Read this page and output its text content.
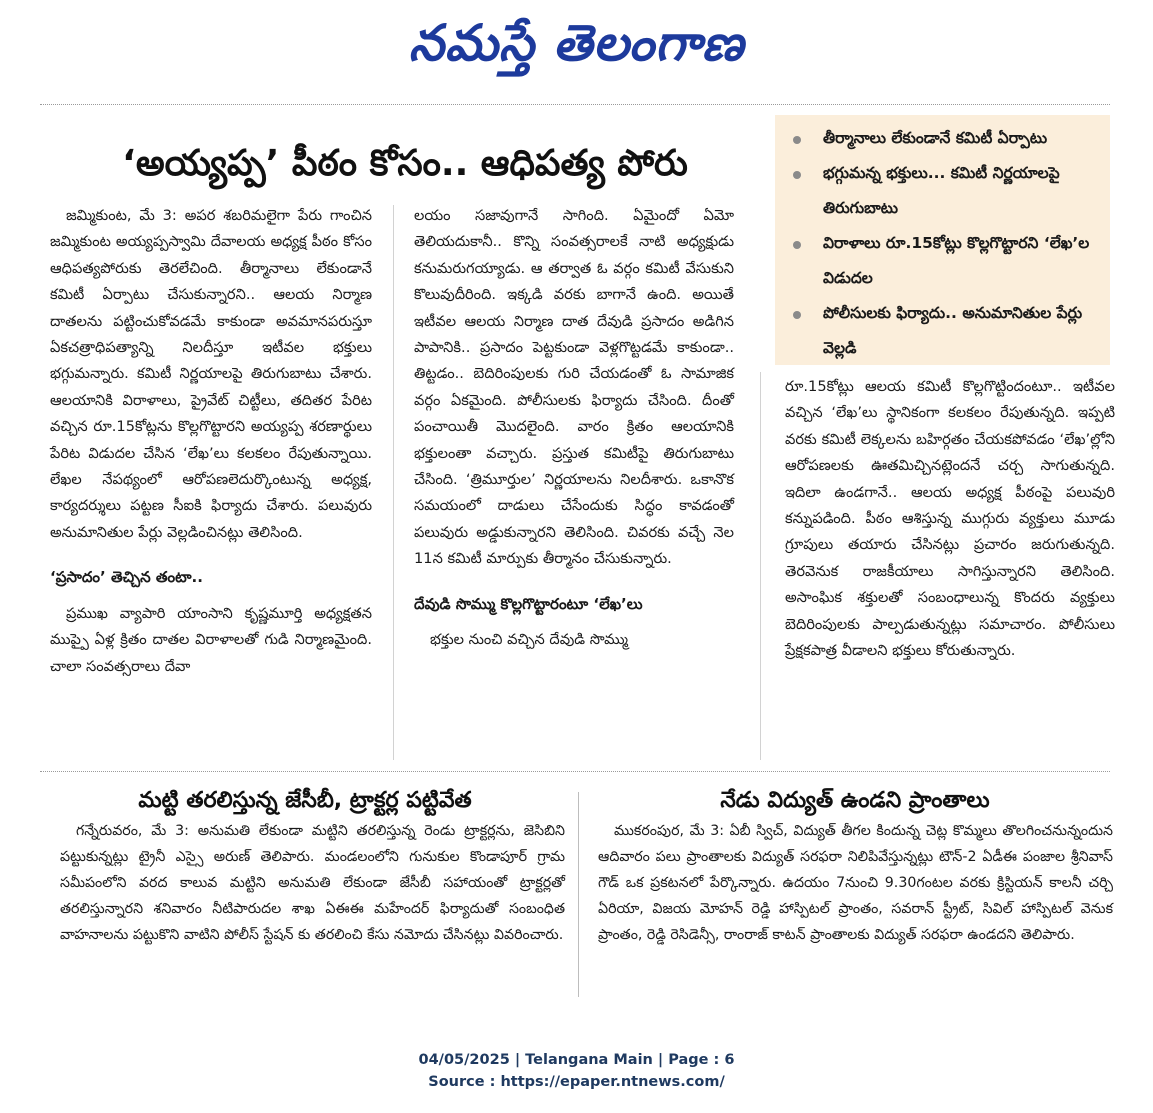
నమస్తే తెలంగాణ
‘అయ్యప్ప’ పీఠం కోసం.. ఆధిపత్య పోరు
తీర్మానాలు లేకుండానే కమిటీ ఏర్పాటు
భగ్గుమన్న భక్తులు... కమిటీ నిర్ణయాలపై తిరుగుబాటు
విరాళాలు రూ.15కోట్లు కొల్లగొట్టారని ‘లేఖ’ల విడుదల
పోలీసులకు ఫిర్యాదు.. అనుమానితుల పేర్లు వెల్లడి

జమ్మికుంట, మే 3: అపర శబరిమలైగా పేరు గాంచిన జమ్మికుంట అయ్యప్పస్వామి దేవాలయ అధ్యక్ష పీఠం కోసం ఆధిపత్యపోరుకు తెరలేచింది. తీర్మానాలు లేకుండానే కమిటీ ఏర్పాటు చేసుకున్నారని.. ఆలయ నిర్మాణ దాతలను పట్టించుకోవడమే కాకుండా అవమానపరుస్తూ ఏకచత్రాధిపత్యాన్ని నిలదీస్తూ ఇటీవల భక్తులు భగ్గుమన్నారు. కమిటీ నిర్ణయాలపై తిరుగుబాటు చేశారు. ఆలయానికి విరాళాలు, ప్రైవేట్ చిట్టీలు, తదితర పేరిట వచ్చిన రూ.15కోట్లను కొల్లగొట్టారని అయ్యప్ప శరణార్థులు పేరిట విడుదల చేసిన ‘లేఖ’లు కలకలం రేపుతున్నాయి. లేఖల నేపథ్యంలో ఆరోపణలెదుర్కొంటున్న అధ్యక్ష, కార్యదర్శులు పట్టణ సీఐకి ఫిర్యాదు చేశారు. పలువురు అనుమానితుల పేర్లు వెల్లడించినట్లు తెలిసింది.

‘ప్రసాదం’ తెచ్చిన తంటా..

ప్రముఖ వ్యాపారి యాంసాని కృష్ణమూర్తి అధ్యక్షతన ముప్పై ఏళ్ల క్రితం దాతల విరాళాలతో గుడి నిర్మాణమైంది. చాలా సంవత్సరాలు దేవా

లయం సజావుగానే సాగింది. ఏమైందో ఏమో తెలియదుకానీ.. కొన్ని సంవత్సరాలకే నాటి అధ్యక్షుడు కనుమరుగయ్యాడు. ఆ తర్వాత ఓ వర్గం కమిటీ వేసుకుని కొలువుదీరింది. ఇక్కడి వరకు బాగానే ఉంది. అయితే ఇటీవల ఆలయ నిర్మాణ దాత దేవుడి ప్రసాదం అడిగిన పాపానికి.. ప్రసాదం పెట్టకుండా వెళ్లగొట్టడమే కాకుండా.. తిట్టడం.. బెదిరింపులకు గురి చేయడంతో ఓ సామాజిక వర్గం ఏకమైంది. పోలీసులకు ఫిర్యాదు చేసింది. దీంతో పంచాయితీ మొదలైంది. వారం క్రితం ఆలయానికి భక్తులంతా వచ్చారు. ప్రస్తుత కమిటీపై తిరుగుబాటు చేసింది. ‘త్రిమూర్తుల’ నిర్ణయాలను నిలదీశారు. ఒకానొక సమయంలో దాడులు చేసేందుకు సిద్ధం కావడంతో పలువురు అడ్డుకున్నారని తెలిసింది. చివరకు వచ్చే నెల 11న కమిటీ మార్పుకు తీర్మానం చేసుకున్నారు.

దేవుడి సొమ్ము కొల్లగొట్టారంటూ ‘లేఖ’లు

భక్తుల నుంచి వచ్చిన దేవుడి సొమ్ము

రూ.15కోట్లు ఆలయ కమిటీ కొల్లగొట్టిందంటూ.. ఇటీవల వచ్చిన ‘లేఖ’లు స్థానికంగా కలకలం రేపుతున్నది. ఇప్పటి వరకు కమిటీ లెక్కలను బహిర్గతం చేయకపోవడం ‘లేఖ’ల్లోని ఆరోపణలకు ఊతమిచ్చినట్లెందనే చర్చ సాగుతున్నది. ఇదిలా ఉండగానే.. ఆలయ అధ్యక్ష పీఠంపై పలువురి కన్నుపడింది. పీఠం ఆశిస్తున్న ముగ్గురు వ్యక్తులు మూడు గ్రూపులు తయారు చేసినట్లు ప్రచారం జరుగుతున్నది. తెరవెనుక రాజకీయాలు సాగిస్తున్నారని తెలిసింది. అసాంఘిక శక్తులతో సంబంధాలున్న కొందరు వ్యక్తులు బెదిరింపులకు పాల్పడుతున్నట్లు సమాచారం. పోలీసులు ప్రేక్షకపాత్ర వీడాలని భక్తులు కోరుతున్నారు.

మట్టి తరలిస్తున్న జేసీబీ, ట్రాక్టర్ల పట్టివేత

గన్నేరువరం, మే 3: అనుమతి లేకుండా మట్టిని తరలిస్తున్న రెండు ట్రాక్టర్లను, జెసిబిని పట్టుకున్నట్లు ట్రైనీ ఎస్సై అరుణ్ తెలిపారు. మండలంలోని గునుకుల కొండాపూర్ గ్రామ సమీపంలోని వరద కాలువ మట్టిని అనుమతి లేకుండా జేసీబీ సహాయంతో ట్రాక్టర్లతో తరలిస్తున్నారని శనివారం నీటిపారుదల శాఖ ఏఈఈ మహేందర్ ఫిర్యాదుతో సంబంధిత వాహనాలను పట్టుకొని వాటిని పోలీస్ స్టేషన్ కు తరలించి కేసు నమోదు చేసినట్లు వివరించారు.

నేడు విద్యుత్ ఉండని ప్రాంతాలు

ముకరంపుర, మే 3: ఏబీ స్విచ్, విద్యుత్ తీగల కిందున్న చెట్ల కొమ్మలు తొలగించనున్నందున ఆదివారం పలు ప్రాంతాలకు విద్యుత్ సరఫరా నిలిపివేస్తున్నట్లు టౌన్-2 ఏడీఈ పంజాల శ్రీనివాస్ గౌడ్ ఒక ప్రకటనలో పేర్కొన్నారు. ఉదయం 7నుంచి 9.30గంటల వరకు క్రిస్టియన్ కాలనీ చర్చి ఏరియా, విజయ మోహన్ రెడ్డి హాస్పిటల్ ప్రాంతం, సవరాన్ స్ట్రీట్, సివిల్ హాస్పిటల్ వెనుక ప్రాంతం, రెడ్డి రెసిడెన్సీ, రాంరాజ్ కాటన్ ప్రాంతాలకు విద్యుత్ సరఫరా ఉండదని తెలిపారు.

04/05/2025 | Telangana Main | Page : 6
Source : https://epaper.ntnews.com/
